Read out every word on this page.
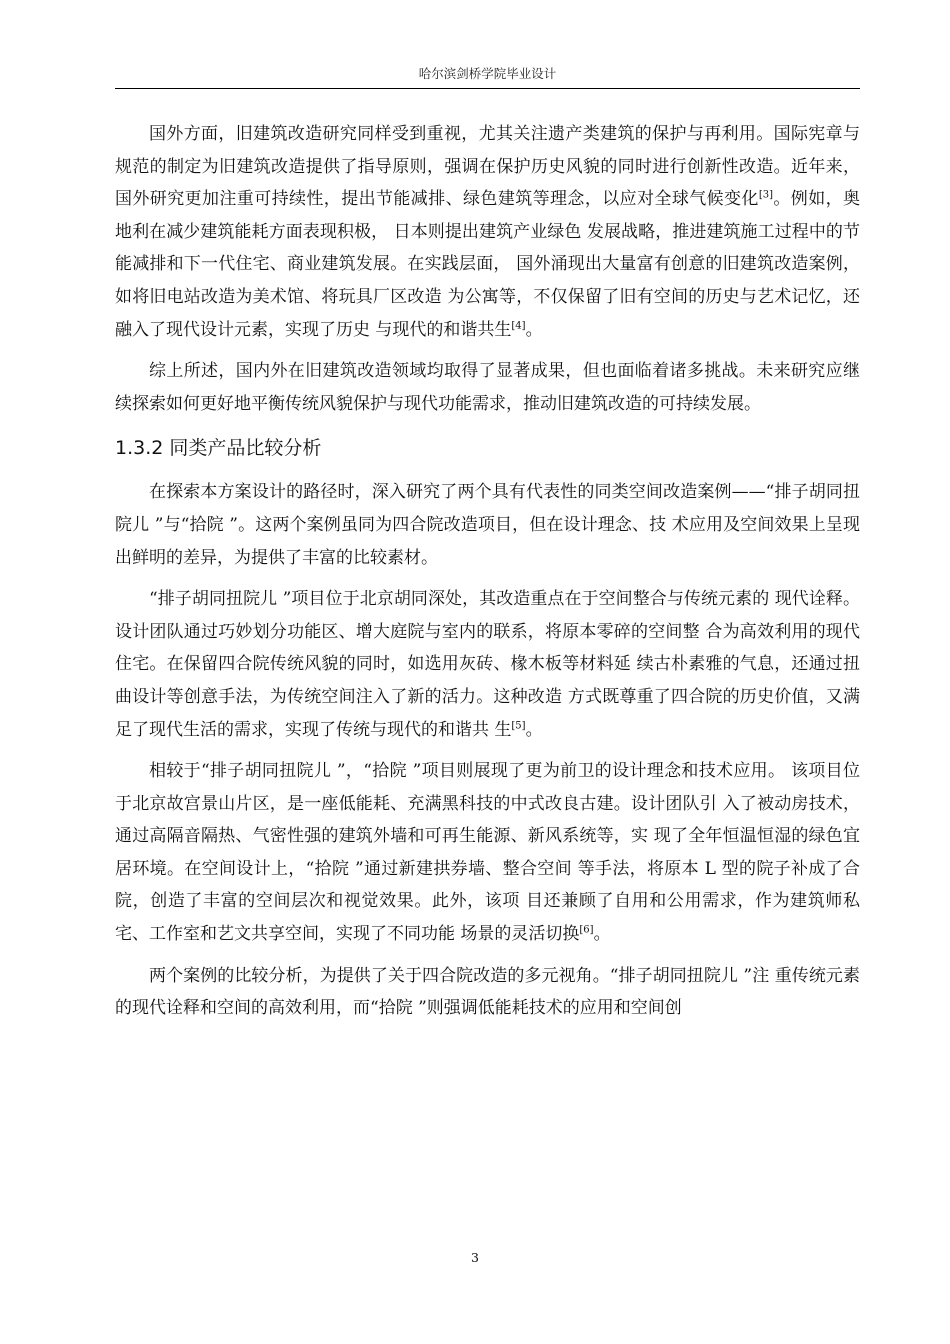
哈尔滨剑桥学院毕业设计

国外方面，旧建筑改造研究同样受到重视，尤其关注遗产类建筑的保护与再利用。国际宪章与规范的制定为旧建筑改造提供了指导原则，强调在保护历史风貌的同时进行创新性改造。近年来，国外研究更加注重可持续性，提出节能减排、绿色建筑等理念，以应对全球气候变化[3]。例如，奥地利在减少建筑能耗方面表现积极， 日本则提出建筑产业绿色 发展战略，推进建筑施工过程中的节能减排和下一代住宅、商业建筑发展。在实践层面， 国外涌现出大量富有创意的旧建筑改造案例，如将旧电站改造为美术馆、将玩具厂区改造 为公寓等，不仅保留了旧有空间的历史与艺术记忆，还融入了现代设计元素，实现了历史 与现代的和谐共生[4]。

综上所述，国内外在旧建筑改造领域均取得了显著成果，但也面临着诸多挑战。未来研究应继续探索如何更好地平衡传统风貌保护与现代功能需求，推动旧建筑改造的可持续发展。

1.3.2 同类产品比较分析

在探索本方案设计的路径时，深入研究了两个具有代表性的同类空间改造案例——“排子胡同扭院儿 ”与“拾院 ”。这两个案例虽同为四合院改造项目，但在设计理念、技 术应用及空间效果上呈现出鲜明的差异，为提供了丰富的比较素材。

“排子胡同扭院儿 ”项目位于北京胡同深处，其改造重点在于空间整合与传统元素的 现代诠释。设计团队通过巧妙划分功能区、增大庭院与室内的联系，将原本零碎的空间整 合为高效利用的现代住宅。在保留四合院传统风貌的同时，如选用灰砖、椽木板等材料延 续古朴素雅的气息，还通过扭曲设计等创意手法，为传统空间注入了新的活力。这种改造 方式既尊重了四合院的历史价值，又满足了现代生活的需求，实现了传统与现代的和谐共 生[5]。

相较于“排子胡同扭院儿 ”，“拾院 ”项目则展现了更为前卫的设计理念和技术应用。 该项目位于北京故宫景山片区，是一座低能耗、充满黑科技的中式改良古建。设计团队引 入了被动房技术，通过高隔音隔热、气密性强的建筑外墙和可再生能源、新风系统等，实 现了全年恒温恒湿的绿色宜居环境。在空间设计上，“拾院 ”通过新建拱券墙、整合空间 等手法，将原本 L 型的院子补成了合院，创造了丰富的空间层次和视觉效果。此外，该项 目还兼顾了自用和公用需求，作为建筑师私宅、工作室和艺文共享空间，实现了不同功能 场景的灵活切换[6]。

两个案例的比较分析，为提供了关于四合院改造的多元视角。“排子胡同扭院儿 ”注 重传统元素的现代诠释和空间的高效利用，而“拾院 ”则强调低能耗技术的应用和空间创

3
